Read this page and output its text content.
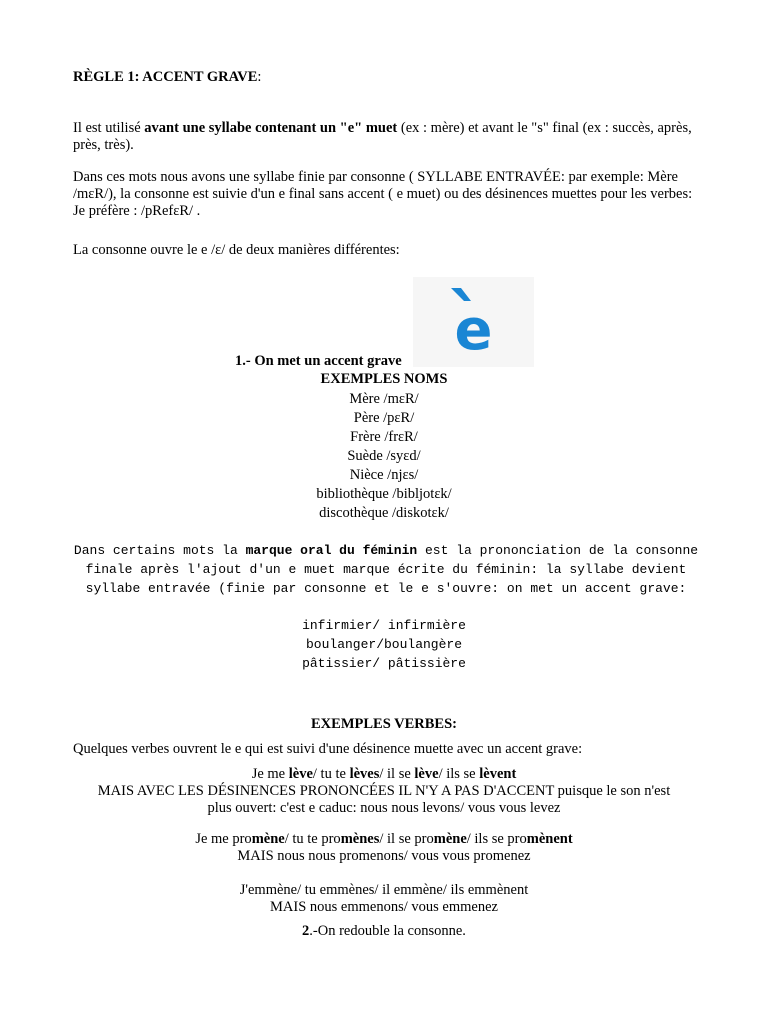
RÈGLE 1: ACCENT GRAVE:
Il est utilisé avant une syllabe contenant un "e" muet (ex : mère) et avant le "s" final (ex : succès, après, près, très).
Dans ces mots nous avons une syllabe finie par consonne ( SYLLABE ENTRAVÉE: par exemple: Mère /mɛR/), la consonne est suivie d'un e final sans accent ( e muet) ou des désinences muettes pour les verbes: Je préfère : /pRefɛR/ .
La consonne ouvre le e /ɛ/ de deux manières différentes:
e
1.- On met un accent grave
EXEMPLES NOMS
Mère /mɛR/
Père /pɛR/
Frère /frɛR/
Suède /syɛd/
Nièce /njɛs/
bibliothèque /bibljotɛk/
discothèque /diskotɛk/
Dans certains mots la marque oral du féminin est la prononciation de la consonne
finale après l'ajout d'un e muet marque écrite du féminin: la syllabe devient
syllabe entravée (finie par consonne et le e s'ouvre: on met un accent grave:
infirmier/ infirmière
boulanger/boulangère
pâtissier/ pâtissière
EXEMPLES VERBES:
Quelques verbes ouvrent le e qui est suivi d'une désinence muette avec un accent grave:
Je me lève/ tu te lèves/ il se lève/ ils se lèvent
MAIS AVEC LES DÉSINENCES PRONONCÉES IL N'Y A PAS D'ACCENT puisque le son n'est
plus ouvert: c'est e caduc: nous nous levons/ vous vous levez
Je me promène/ tu te promènes/ il se promène/ ils se promènent
MAIS nous nous promenons/ vous vous promenez
J'emmène/ tu emmènes/ il emmène/ ils emmènent
MAIS nous emmenons/ vous emmenez
2.-On redouble la consonne.
